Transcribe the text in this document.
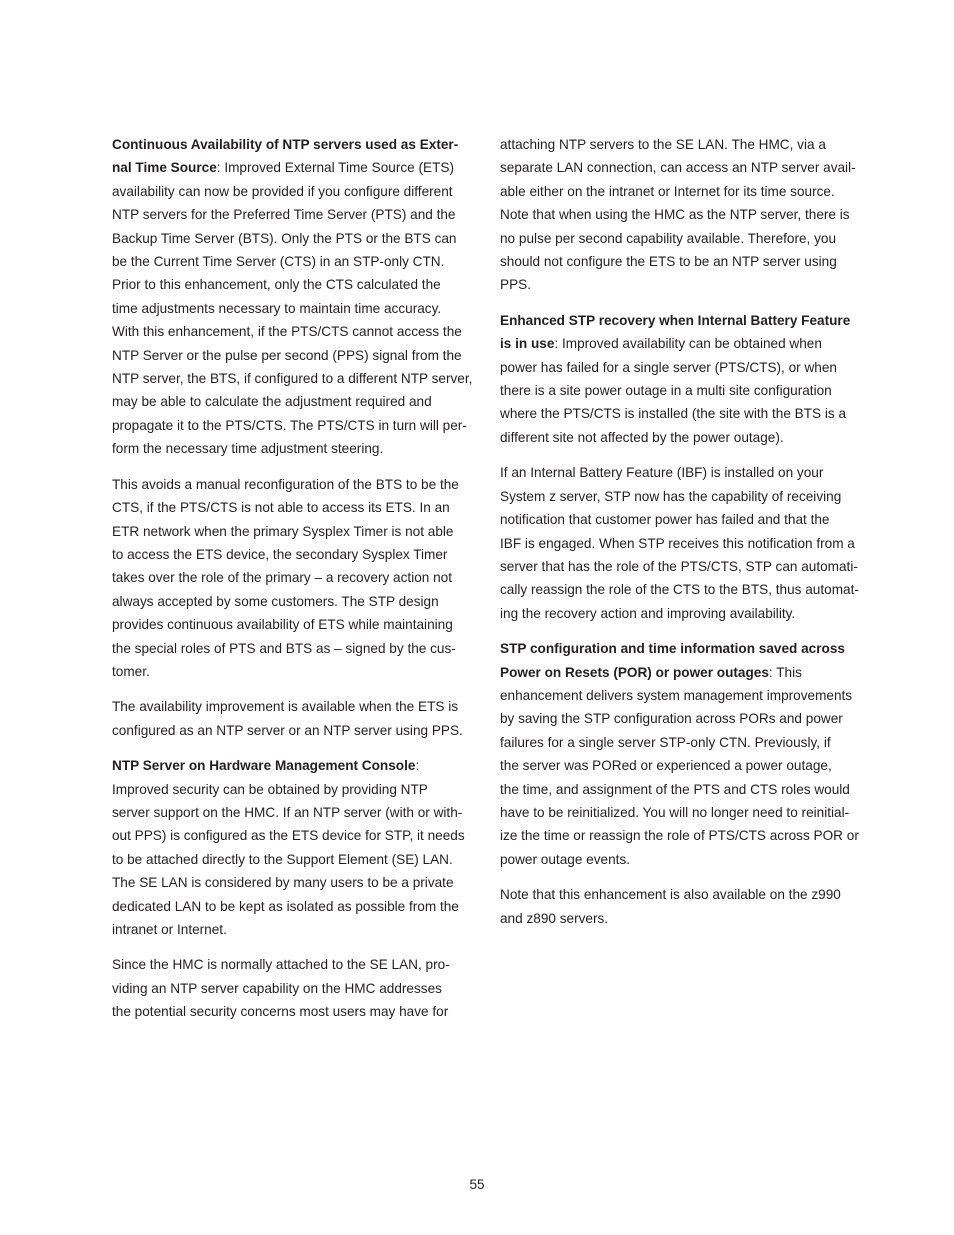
Continuous Availability of NTP servers used as Exter-
nal Time Source: Improved External Time Source (ETS)
availability can now be provided if you configure different
NTP servers for the Preferred Time Server (PTS) and the
Backup Time Server (BTS). Only the PTS or the BTS can
be the Current Time Server (CTS) in an STP-only CTN.
Prior to this enhancement, only the CTS calculated the
time adjustments necessary to maintain time accuracy.
With this enhancement, if the PTS/CTS cannot access the
NTP Server or the pulse per second (PPS) signal from the
NTP server, the BTS, if configured to a different NTP server,
may be able to calculate the adjustment required and
propagate it to the PTS/CTS. The PTS/CTS in turn will per-
form the necessary time adjustment steering.

This avoids a manual reconfiguration of the BTS to be the
CTS, if the PTS/CTS is not able to access its ETS. In an
ETR network when the primary Sysplex Timer is not able
to access the ETS device, the secondary Sysplex Timer
takes over the role of the primary – a recovery action not
always accepted by some customers. The STP design
provides continuous availability of ETS while maintaining
the special roles of PTS and BTS as – signed by the cus-
tomer.

The availability improvement is available when the ETS is
configured as an NTP server or an NTP server using PPS.

NTP Server on Hardware Management Console:
Improved security can be obtained by providing NTP
server support on the HMC. If an NTP server (with or with-
out PPS) is configured as the ETS device for STP, it needs
to be attached directly to the Support Element (SE) LAN.
The SE LAN is considered by many users to be a private
dedicated LAN to be kept as isolated as possible from the
intranet or Internet.

Since the HMC is normally attached to the SE LAN, pro-
viding an NTP server capability on the HMC addresses
the potential security concerns most users may have for

attaching NTP servers to the SE LAN. The HMC, via a
separate LAN connection, can access an NTP server avail-
able either on the intranet or Internet for its time source.
Note that when using the HMC as the NTP server, there is
no pulse per second capability available. Therefore, you
should not configure the ETS to be an NTP server using
PPS.

Enhanced STP recovery when Internal Battery Feature
is in use: Improved availability can be obtained when
power has failed for a single server (PTS/CTS), or when
there is a site power outage in a multi site configuration
where the PTS/CTS is installed (the site with the BTS is a
different site not affected by the power outage).

If an Internal Battery Feature (IBF) is installed on your
System z server, STP now has the capability of receiving
notification that customer power has failed and that the
IBF is engaged. When STP receives this notification from a
server that has the role of the PTS/CTS, STP can automati-
cally reassign the role of the CTS to the BTS, thus automat-
ing the recovery action and improving availability.

STP configuration and time information saved across
Power on Resets (POR) or power outages: This
enhancement delivers system management improvements
by saving the STP configuration across PORs and power
failures for a single server STP-only CTN. Previously, if
the server was PORed or experienced a power outage,
the time, and assignment of the PTS and CTS roles would
have to be reinitialized. You will no longer need to reinitial-
ize the time or reassign the role of PTS/CTS across POR or
power outage events.

Note that this enhancement is also available on the z990
and z890 servers.

55
